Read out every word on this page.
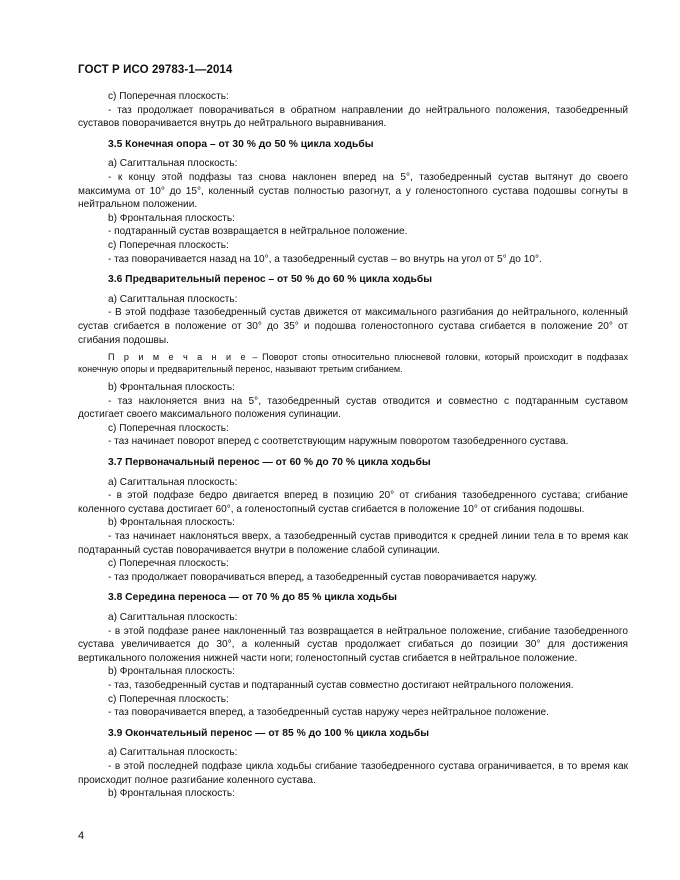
ГОСТ Р ИСО 29783-1—2014
c) Поперечная плоскость:
- таз продолжает поворачиваться в обратном направлении до нейтрального положения, тазобедренный суставов поворачивается внутрь до нейтрального выравнивания.
3.5 Конечная опора – от 30 % до 50 % цикла ходьбы
а) Сагиттальная плоскость:
- к концу этой подфазы таз снова наклонен вперед на 5°, тазобедренный сустав вытянут до своего максимума от 10° до 15°, коленный сустав полностью разогнут, а у голеностопного сустава подошвы согнуты в нейтральном положении.
b) Фронтальная плоскость:
- подтаранный сустав возвращается в нейтральное положение.
c) Поперечная плоскость:
- таз поворачивается назад на 10°, а тазобедренный сустав – во внутрь на угол от 5° до 10°.
3.6 Предварительный перенос – от 50 % до 60 % цикла ходьбы
а) Сагиттальная плоскость:
- В этой подфазе тазобедренный сустав движется от максимального разгибания до нейтрального, коленный сустав сгибается в положение от 30° до 35° и подошва голеностопного сустава сгибается в положение 20° от сгибания подошвы.
П р и м е ч а н и е – Поворот стопы относительно плюсневой головки, который происходит в подфазах конечную опоры и предварительный перенос, называют третьим сгибанием.
b) Фронтальная плоскость:
- таз наклоняется вниз на 5°, тазобедренный сустав отводится и совместно с подтаранным суставом достигает своего максимального положения супинации.
c) Поперечная плоскость:
- таз начинает поворот вперед с соответствующим наружным поворотом тазобедренного сустава.
3.7 Первоначальный перенос — от 60 % до 70 % цикла ходьбы
а) Сагиттальная плоскость:
- в этой подфазе бедро двигается вперед в позицию 20° от сгибания тазобедренного сустава; сгибание коленного сустава достигает 60°, а голеностопный сустав сгибается в положение 10° от сгибания подошвы.
b) Фронтальная плоскость:
- таз начинает наклоняться вверх, а тазобедренный сустав приводится к средней линии тела в то время как подтаранный сустав поворачивается внутри в положение слабой супинации.
c) Поперечная плоскость:
- таз продолжает поворачиваться вперед, а тазобедренный сустав поворачивается наружу.
3.8 Середина переноса — от 70 % до 85 % цикла ходьбы
а) Сагиттальная плоскость:
- в этой подфазе ранее наклоненный таз возвращается в нейтральное положение, сгибание тазобедренного сустава увеличивается до 30°, а коленный сустав продолжает сгибаться до позиции 30° для достижения вертикального положения нижней части ноги; голеностопный сустав сгибается в нейтральное положение.
b) Фронтальная плоскость:
- таз, тазобедренный сустав и подтаранный сустав совместно достигают нейтрального положения.
c) Поперечная плоскость:
- таз поворачивается вперед, а тазобедренный сустав наружу через нейтральное положение.
3.9 Окончательный перенос — от 85 % до 100 % цикла ходьбы
а) Сагиттальная плоскость:
- в этой последней подфазе цикла ходьбы сгибание тазобедренного сустава ограничивается, в то время как происходит полное разгибание коленного сустава.
b) Фронтальная плоскость:
4
